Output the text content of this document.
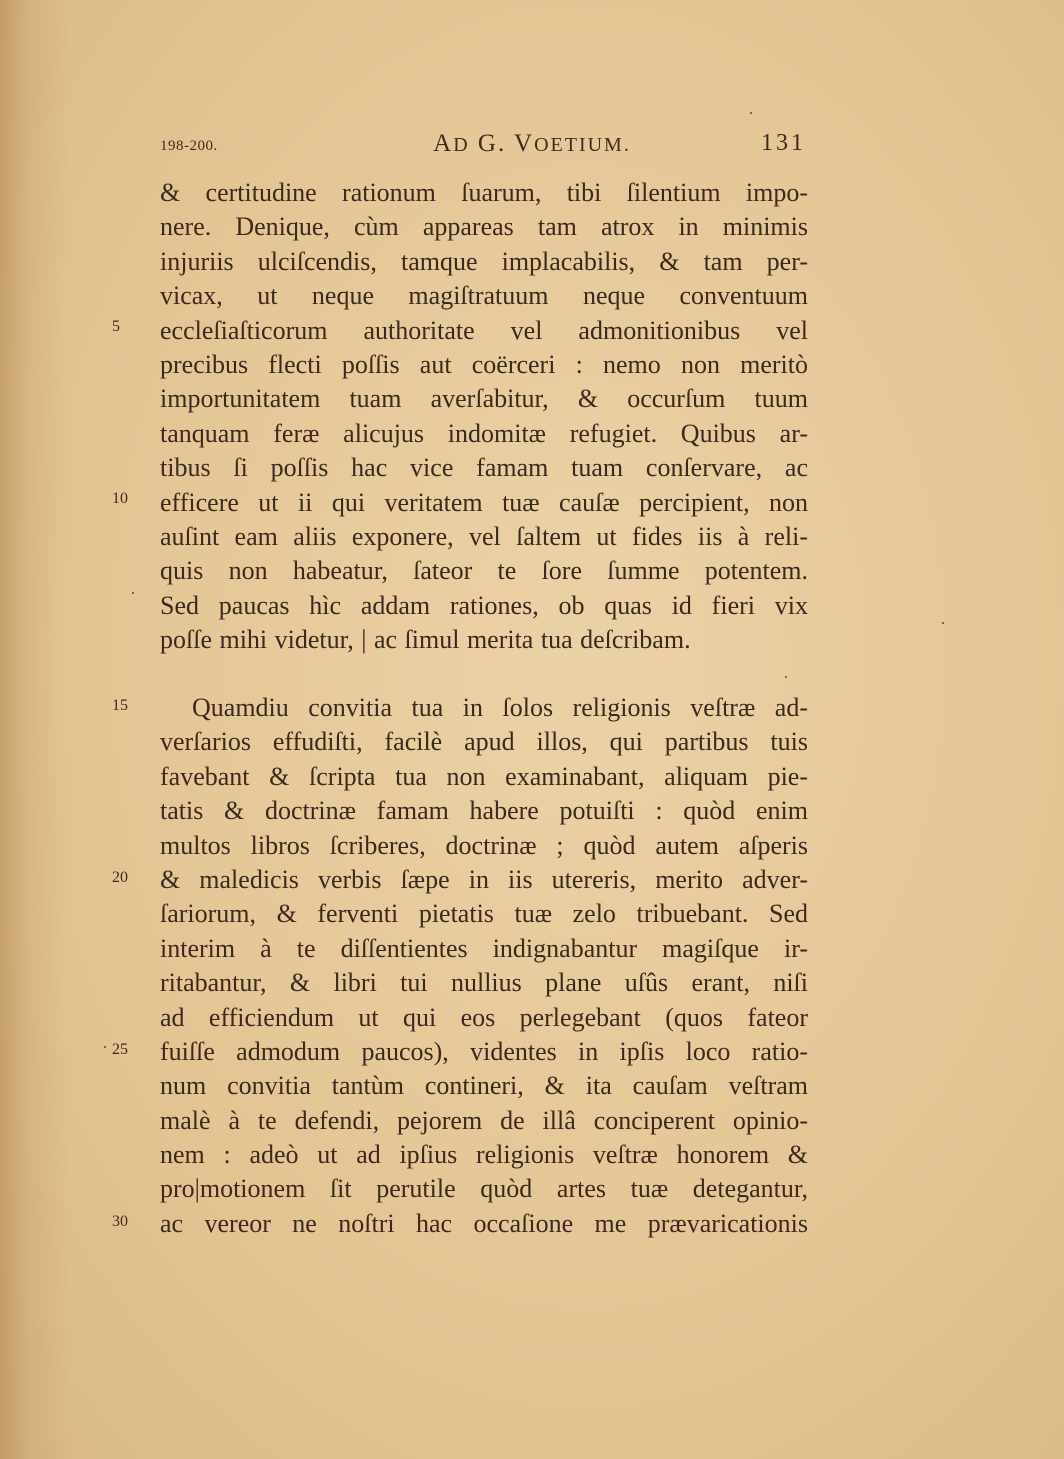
198-200.	AD G. VOETIUM.	131
& certitudine rationum ſuarum, tibi ſilentium impo-
nere. Denique, cùm appareas tam atrox in minimis
injuriis ulciſcendis, tamque implacabilis, & tam per-
vicax, ut neque magiſtratuum neque conventuum
eccleſiaſticorum authoritate vel admonitionibus vel
precibus flecti poſſis aut coërceri : nemo non meritò
importunitatem tuam averſabitur, & occurſum tuum
tanquam feræ alicujus indomitæ refugiet. Quibus ar-
tibus ſi poſſis hac vice famam tuam conſervare, ac
efficere ut ii qui veritatem tuæ cauſæ percipient, non
auſint eam aliis exponere, vel ſaltem ut fides iis à reli-
quis non habeatur, ſateor te ſore ſumme potentem.
Sed paucas hìc addam rationes, ob quas id fieri vix
poſſe mihi videtur, | ac ſimul merita tua deſcribam.
Quamdiu convitia tua in ſolos religionis veſtræ ad-
verſarios effudiſti, facilè apud illos, qui partibus tuis
favebant & ſcripta tua non examinabant, aliquam pie-
tatis & doctrinæ famam habere potuiſti : quòd enim
multos libros ſcriberes, doctrinæ ; quòd autem aſperis
& maledicis verbis ſæpe in iis utereris, merito adver-
ſariorum, & ferventi pietatis tuæ zelo tribuebant. Sed
interim à te diſſentientes indignabantur magiſque ir-
ritabantur, & libri tui nullius plane uſûs erant, niſi
ad efficiendum ut qui eos perlegebant (quos fateor
fuiſſe admodum paucos), videntes in ipſis loco ratio-
num convitia tantùm contineri, & ita cauſam veſtram
malè à te defendi, pejorem de illâ conciperent opinio-
nem : adeò ut ad ipſius religionis veſtræ honorem &
pro|motionem ſit perutile quòd artes tuæ detegantur,
ac vereor ne noſtri hac occaſione me prævaricationis
5
10
15
20
25
30
